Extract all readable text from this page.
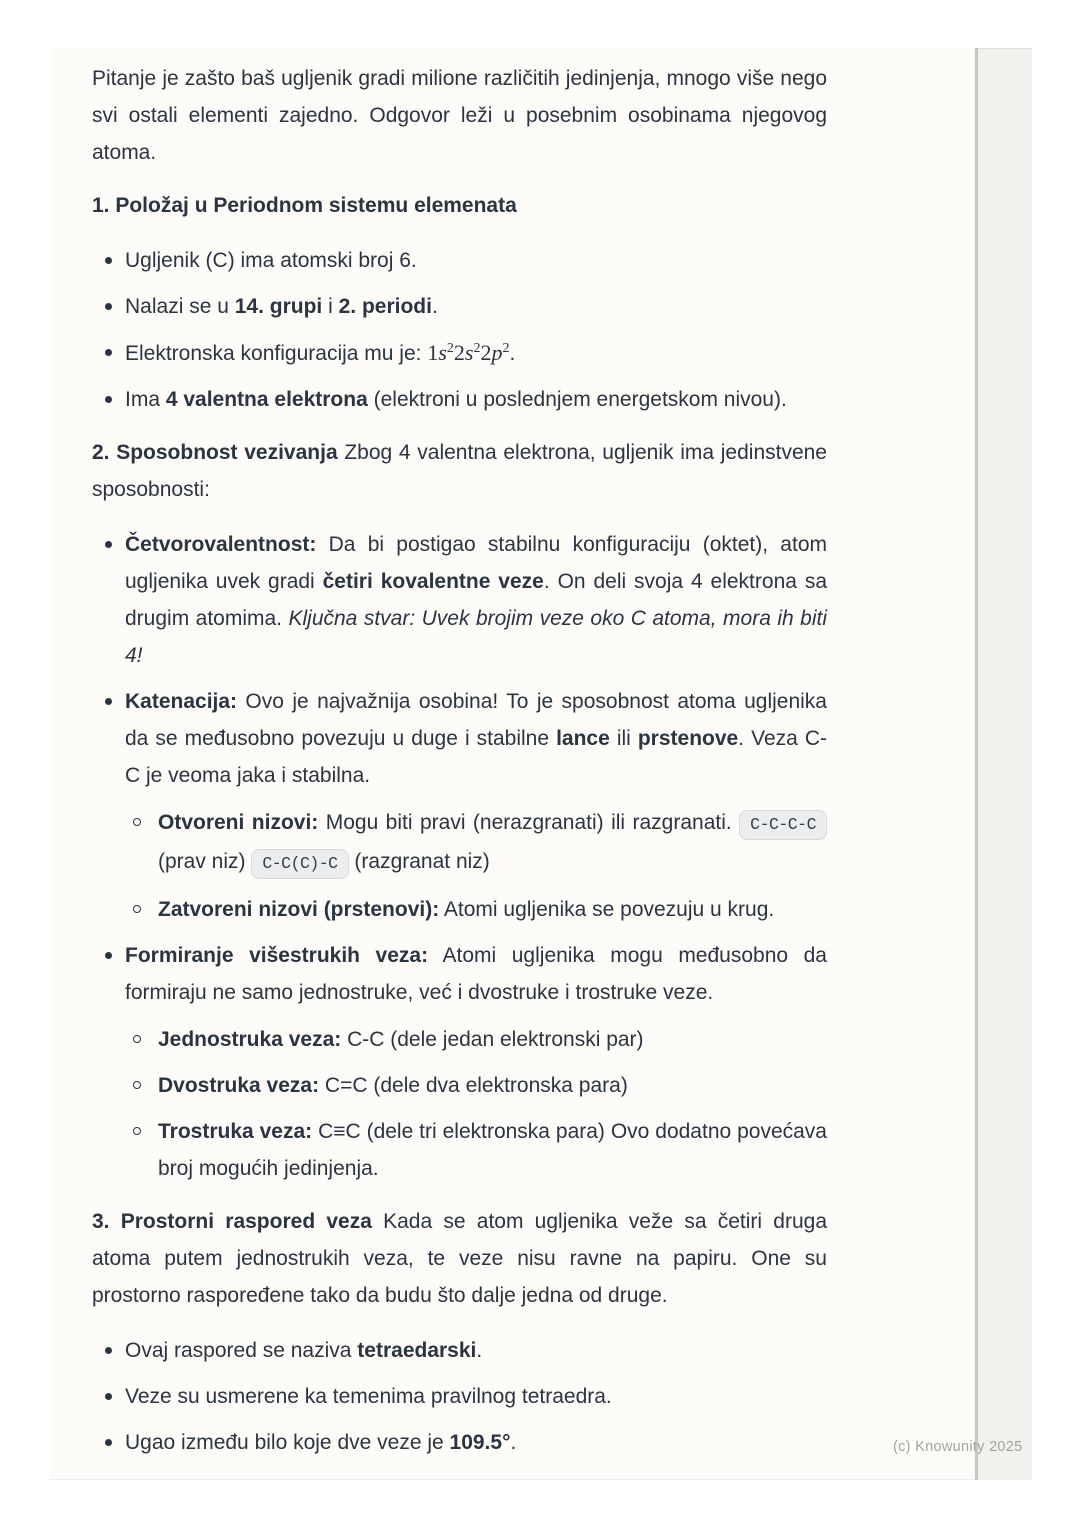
Pitanje je zašto baš ugljenik gradi milione različitih jedinjenja, mnogo više nego svi ostali elementi zajedno. Odgovor leži u posebnim osobinama njegovog atoma.

1. Položaj u Periodnom sistemu elemenata

Ugljenik (C) ima atomski broj 6.
Nalazi se u 14. grupi i 2. periodi.
Elektronska konfiguracija mu je: $1s^22s^22p^2$.
Ima 4 valentna elektrona (elektroni u poslednjem energetskom nivou).

2. Sposobnost vezivanja Zbog 4 valentna elektrona, ugljenik ima jedinstvene sposobnosti:

Četvorovalentnost: Da bi postigao stabilnu konfiguraciju (oktet), atom ugljenika uvek gradi četiri kovalentne veze. On deli svoja 4 elektrona sa drugim atomima. Ključna stvar: Uvek brojim veze oko C atoma, mora ih biti 4!
Katenacija: Ovo je najvažnija osobina! To je sposobnost atoma ugljenika da se međusobno povezuju u duge i stabilne lance ili prstenove. Veza C-C je veoma jaka i stabilna.
Otvoreni nizovi: Mogu biti pravi (nerazgranati) ili razgranati. C-C-C-C (prav niz) C-C(C)-C (razgranat niz)
Zatvoreni nizovi (prstenovi): Atomi ugljenika se povezuju u krug.
Formiranje višestrukih veza: Atomi ugljenika mogu međusobno da formiraju ne samo jednostruke, već i dvostruke i trostruke veze.
Jednostruka veza: C-C (dele jedan elektronski par)
Dvostruka veza: C=C (dele dva elektronska para)
Trostruka veza: C≡C (dele tri elektronska para) Ovo dodatno povećava broj mogućih jedinjenja.

3. Prostorni raspored veza Kada se atom ugljenika veže sa četiri druga atoma putem jednostrukih veza, te veze nisu ravne na papiru. One su prostorno raspoređene tako da budu što dalje jedna od druge.

Ovaj raspored se naziva tetraedarski.
Veze su usmerene ka temenima pravilnog tetraedra.
Ugao između bilo koje dve veze je 109.5°.	(c) Knowunity 2025
